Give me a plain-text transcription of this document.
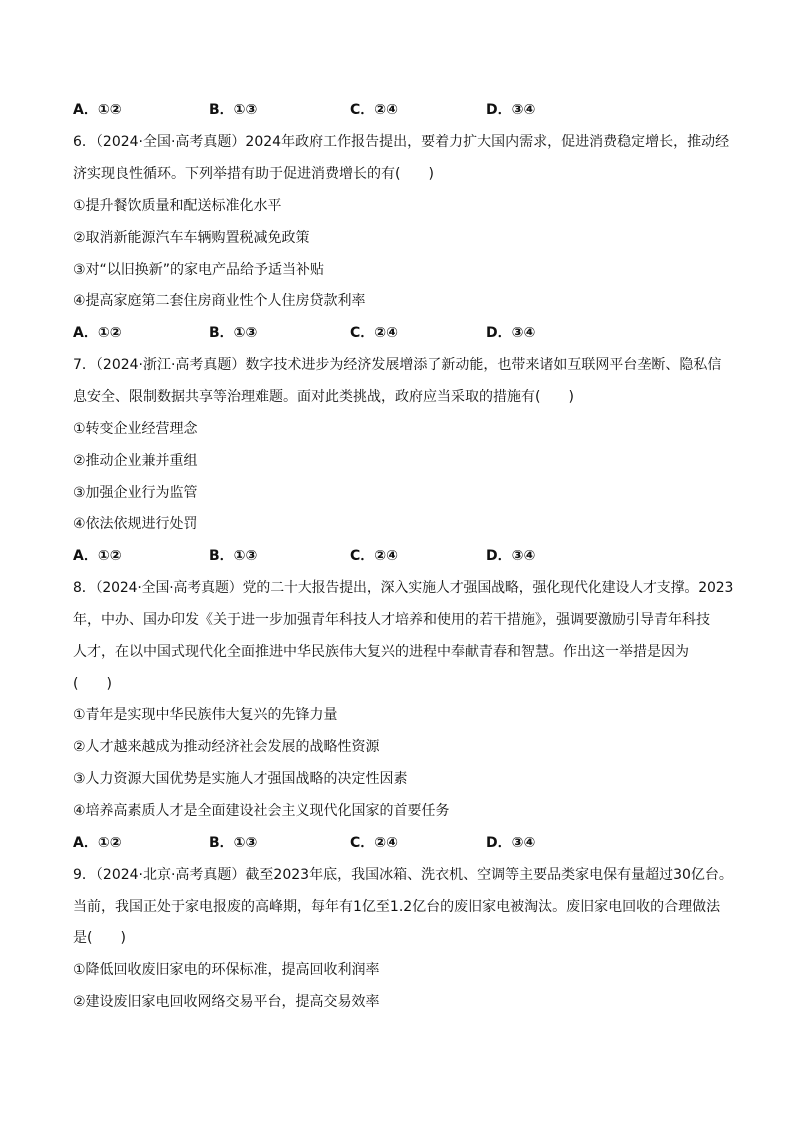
A．①②	B．①③	C．②④	D．③④
6．（2024·全国·高考真题）2024年政府工作报告提出，要着力扩大国内需求，促进消费稳定增长，推动经
济实现良性循环。下列举措有助于促进消费增长的有(　　)
①提升餐饮质量和配送标准化水平
②取消新能源汽车车辆购置税减免政策
③对“以旧换新”的家电产品给予适当补贴
④提高家庭第二套住房商业性个人住房贷款利率
A．①②	B．①③	C．②④	D．③④
7．（2024·浙江·高考真题）数字技术进步为经济发展增添了新动能，也带来诸如互联网平台垄断、隐私信
息安全、限制数据共享等治理难题。面对此类挑战，政府应当采取的措施有(　　)
①转变企业经营理念
②推动企业兼并重组
③加强企业行为监管
④依法依规进行处罚
A．①②	B．①③	C．②④	D．③④
8．（2024·全国·高考真题）党的二十大报告提出，深入实施人才强国战略，强化现代化建设人才支撑。2023
年，中办、国办印发《关于进一步加强青年科技人才培养和使用的若干措施》，强调要激励引导青年科技
人才，在以中国式现代化全面推进中华民族伟大复兴的进程中奉献青春和智慧。作出这一举措是因为
(　　)
①青年是实现中华民族伟大复兴的先锋力量
②人才越来越成为推动经济社会发展的战略性资源
③人力资源大国优势是实施人才强国战略的决定性因素
④培养高素质人才是全面建设社会主义现代化国家的首要任务
A．①②	B．①③	C．②④	D．③④
9．（2024·北京·高考真题）截至2023年底，我国冰箱、洗衣机、空调等主要品类家电保有量超过30亿台。
当前，我国正处于家电报废的高峰期，每年有1亿至1.2亿台的废旧家电被淘汰。废旧家电回收的合理做法
是(　　)
①降低回收废旧家电的环保标准，提高回收利润率
②建设废旧家电回收网络交易平台，提高交易效率
